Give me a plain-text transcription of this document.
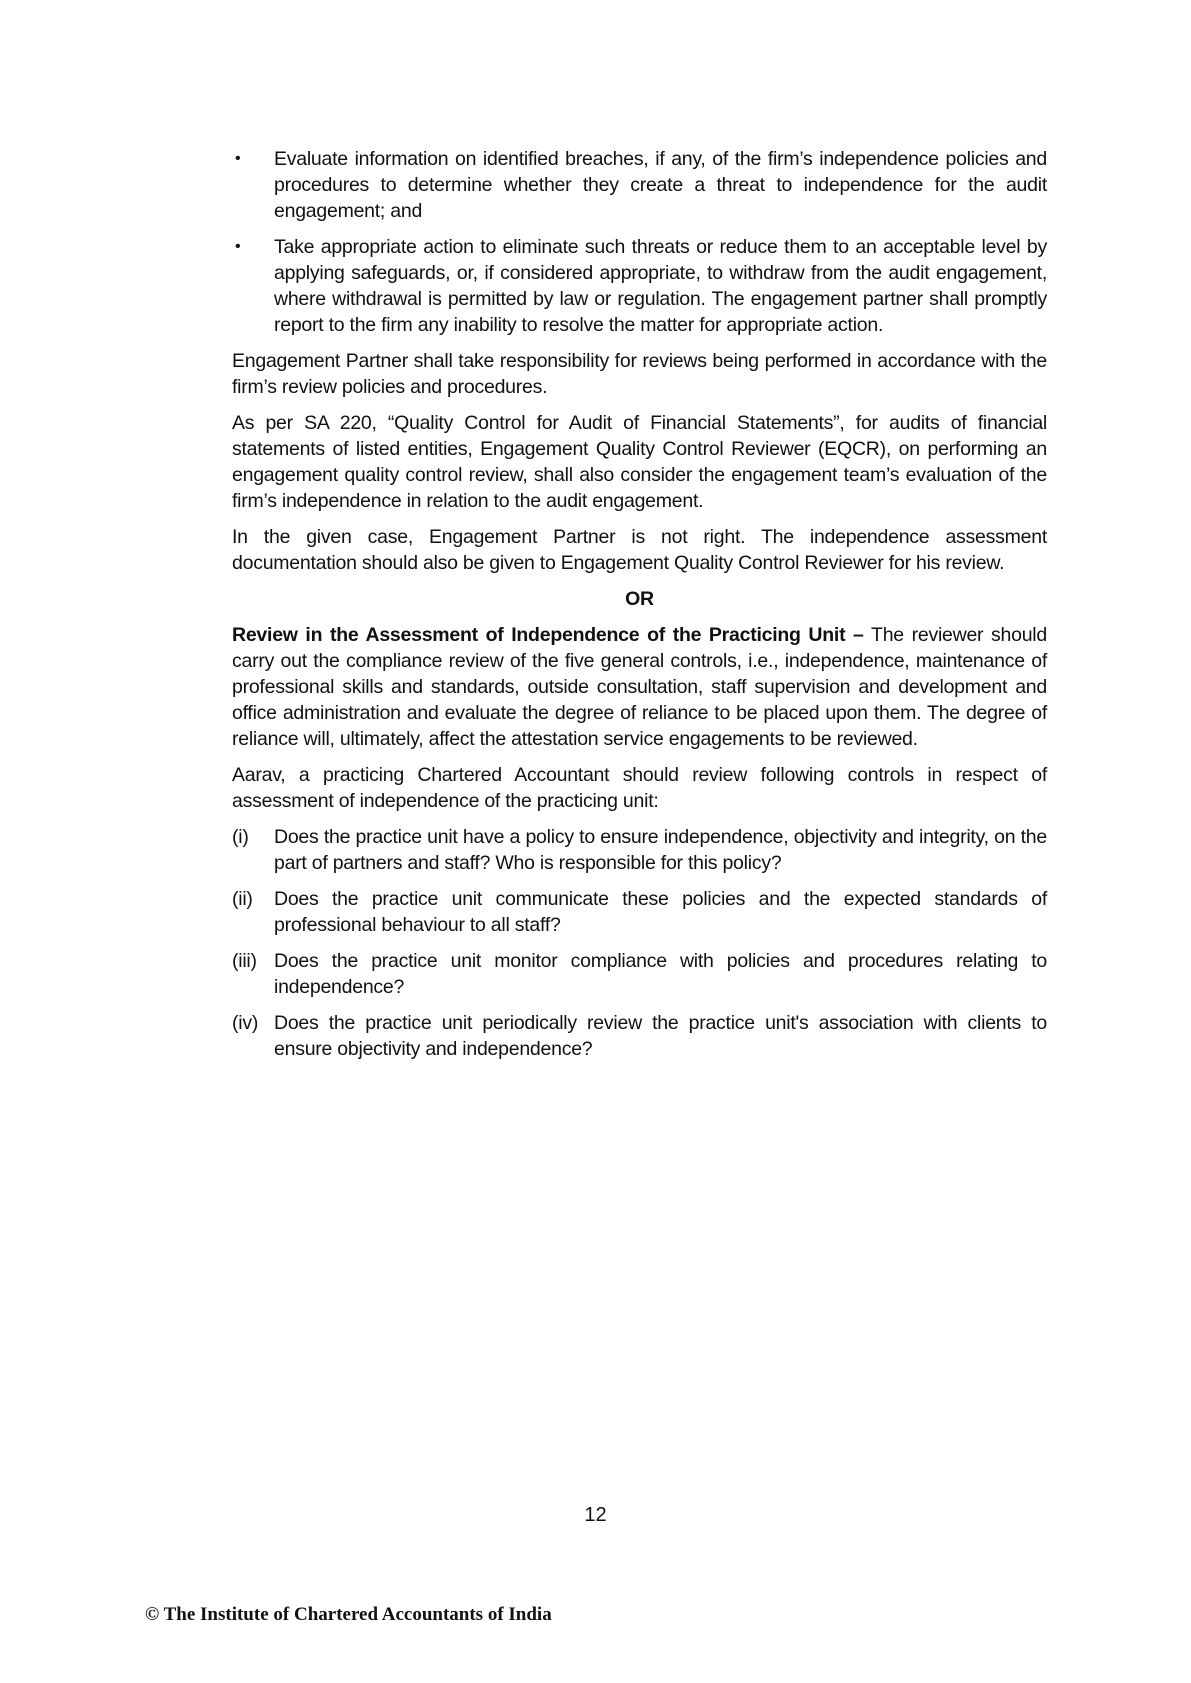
• Evaluate information on identified breaches, if any, of the firm’s independence policies and procedures to determine whether they create a threat to independence for the audit engagement; and
• Take appropriate action to eliminate such threats or reduce them to an acceptable level by applying safeguards, or, if considered appropriate, to withdraw from the audit engagement, where withdrawal is permitted by law or regulation. The engagement partner shall promptly report to the firm any inability to resolve the matter for appropriate action.

Engagement Partner shall take responsibility for reviews being performed in accordance with the firm’s review policies and procedures.

As per SA 220, “Quality Control for Audit of Financial Statements”, for audits of financial statements of listed entities, Engagement Quality Control Reviewer (EQCR), on performing an engagement quality control review, shall also consider the engagement team’s evaluation of the firm’s independence in relation to the audit engagement.

In the given case, Engagement Partner is not right. The independence assessment documentation should also be given to Engagement Quality Control Reviewer for his review.

OR

Review in the Assessment of Independence of the Practicing Unit – The reviewer should carry out the compliance review of the five general controls, i.e., independence, maintenance of professional skills and standards, outside consultation, staff supervision and development and office administration and evaluate the degree of reliance to be placed upon them. The degree of reliance will, ultimately, affect the attestation service engagements to be reviewed.

Aarav, a practicing Chartered Accountant should review following controls in respect of assessment of independence of the practicing unit:

(i) Does the practice unit have a policy to ensure independence, objectivity and integrity, on the part of partners and staff? Who is responsible for this policy?
(ii) Does the practice unit communicate these policies and the expected standards of professional behaviour to all staff?
(iii) Does the practice unit monitor compliance with policies and procedures relating to independence?
(iv) Does the practice unit periodically review the practice unit's association with clients to ensure objectivity and independence?
12
© The Institute of Chartered Accountants of India
